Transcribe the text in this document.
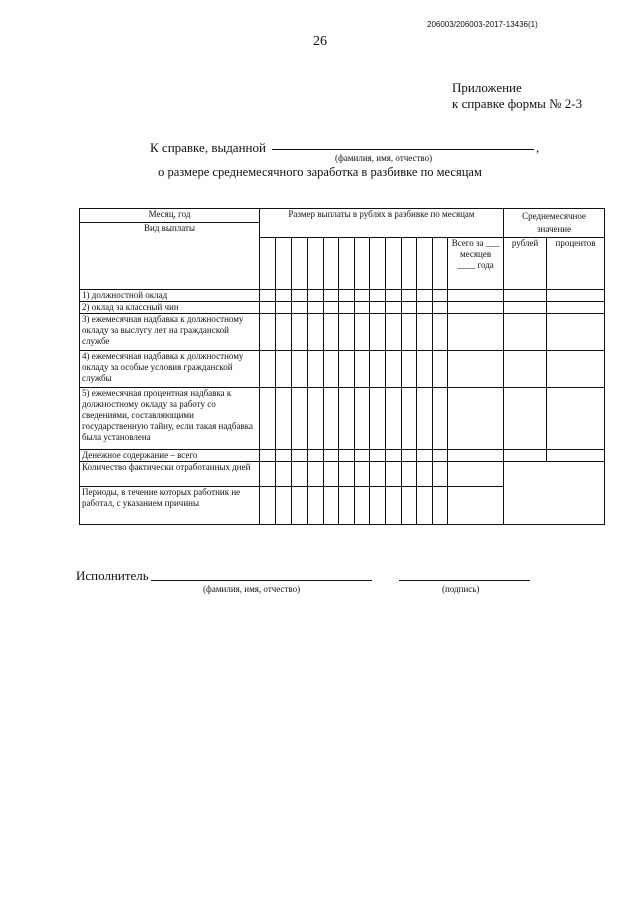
206003/206003-2017-13436(1)
26
Приложение
к справке формы № 2-3
К справке, выданной	,
(фамилия, имя, отчество)
о размере среднемесячного заработка в разбивке по месяцам
Месяц, год	Размер выплаты в рублях в разбивке по месяцам													Среднемесячное значение	
Вид выплаты															
													Всего за ___ месяцев ____ года	рублей	процентов
1) должностной оклад															
2) оклад за классный чин															
3) ежемесячная надбавка к должностному окладу за выслугу лет на гражданской службе															
4) ежемесячная надбавка к должностному окладу за особые условия гражданской службы															
5) ежемесячная процентная надбавка к должностному окладу за работу со сведениями, составляющими государственную тайну, если такая надбавка была установлена															
Денежное содержание – всего															
Количество фактически отработанных дней															
Периоды, в течение которых работник не работал, с указанием причины															
Исполнитель
(фамилия, имя, отчество)	(подпись)
